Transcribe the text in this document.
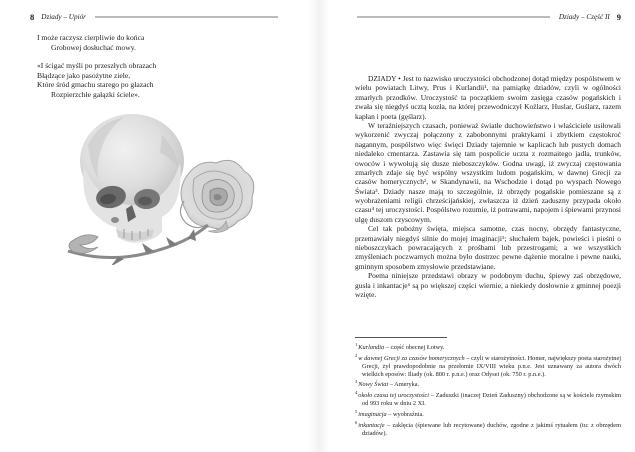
8 Dziady – Upiór
I może raczysz cierpliwie do końca
Grobowej dosłuchać mowy.
«I ścigać myśli po przeszłych obrazach
Błądzące jako pasożytne ziele,
Które śród gmachu starego po głazach
Rozpierzchłe gałązki ściele».
Dziady – Część II 9

DZIADY • Jest to nazwisko uroczystości obchodzonej dotąd między pospólstwem w wielu powiatach Litwy, Prus i Kurlandii¹, na pamiątkę dziadów, czyli w ogólności zmarłych przodków. Uroczystość ta początkiem swoim zasięga czasów pogańskich i zwała się niegdyś ucztą kozła, na której przewodniczył Koźlarz, Huslar, Guślarz, razem kapłan i poeta (gęślarz).

W teraźniejszych czasach, ponieważ światłe duchowieństwo i właściciele usiłowali wykorzenić zwyczaj połączony z zabobonnymi praktykami i zbytkiem częstokroć nagannym, pospólstwo więc święci Dziady tajemnie w kaplicach lub pustych domach niedaleko cmentarza. Zastawia się tam pospolicie uczta z rozmaitego jadła, trunków, owoców i wywołują się dusze nieboszczyków. Godna uwagi, iż zwyczaj częstowania zmarłych zdaje się być wspólny wszystkim ludom pogańskim, w dawnej Grecji za czasów homerycznych², w Skandynawii, na Wschodzie i dotąd po wyspach Nowego Świata³. Dziady nasze mają to szczególnie, iż obrzędy pogańskie pomieszane są z wyobrażeniami religii chrześcijańskiej, zwłaszcza iż dzień zaduszny przypada około czasu⁴ tej uroczystości. Pospólstwo rozumie, iż potrawami, napojem i śpiewami przynosi ulgę duszom czyscowym.

Cel tak pobożny święta, miejsca samotne, czas nocny, obrzędy fantastyczne, przemawiały niegdyś silnie do mojej imaginacji⁵; słuchałem bajek, powieści i pieśni o nieboszczykach powracających z prośbami lub przestrogami; a we wszystkich zmyśleniach poczwarnych można było dostrzec pewne dążenie moralne i pewne nauki, gminnym sposobem zmysłowie przedstawiane.

Poema niniejsze przedstawi obrazy w podobnym duchu, śpiewy zaś obrzędowe, gusła i inkantacje⁶ są po większej części wiernie, a niekiedy dosłownie z gminnej poezji wzięte.

$^1$Kurlandia – część obecnej Łotwy.

$^2$w dawnej Grecji za czasów homerycznych – czyli w starożytności. Homer, największy poeta starożytnej Grecji, żył prawdopodobnie na przełomie IX/VIII wieku p.n.e. Jest uznawany za autora dwóch wielkich eposów: Iliady (ok. 800 r. p.n.e.) oraz Odysei (ok. 750 r. p.n.e.).

$^3$Nowy Świat – Ameryka.

$^4$około czasu tej uroczystości – Zaduszki (inaczej Dzień Zaduszny) obchodzone są w kościele rzymskim od 993 roku w dniu 2 XI.

$^5$imaginacja – wyobraźnia.

$^6$inkantacje – zaklęcia (śpiewane lub recytowane) duchów, zgodne z jakimś rytuałem (tu: z obrzędem dziadów).
